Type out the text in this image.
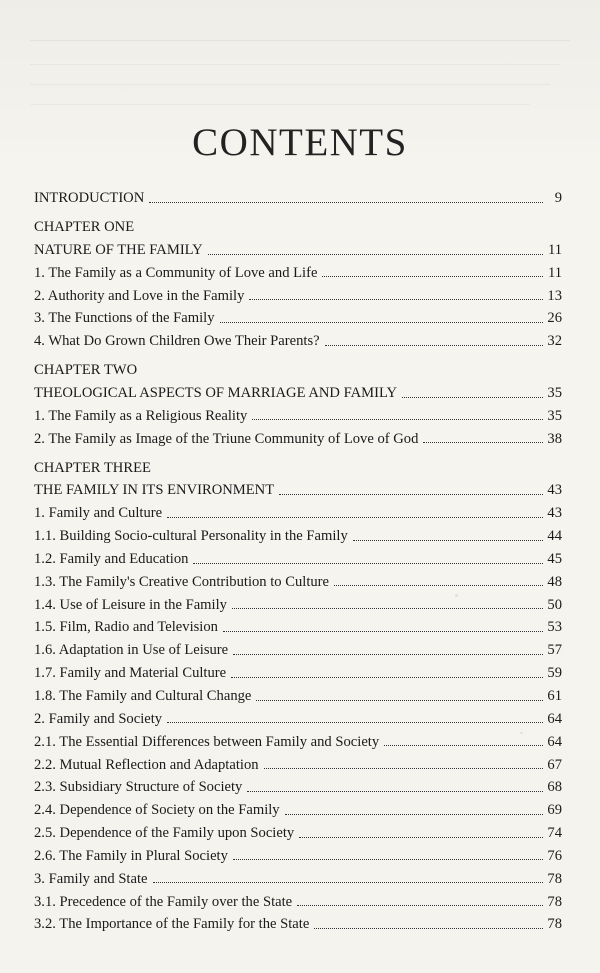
CONTENTS
INTRODUCTION	9
CHAPTER ONE
NATURE OF THE FAMILY	11
1. The Family as a Community of Love and Life	11
2. Authority and Love in the Family	13
3. The Functions of the Family	26
4. What Do Grown Children Owe Their Parents?	32
CHAPTER TWO
THEOLOGICAL ASPECTS OF MARRIAGE AND FAMILY	35
1. The Family as a Religious Reality	35
2. The Family as Image of the Triune Community of Love of God	38
CHAPTER THREE
THE FAMILY IN ITS ENVIRONMENT	43
1. Family and Culture	43
1.1. Building Socio-cultural Personality in the Family	44
1.2. Family and Education	45
1.3. The Family's Creative Contribution to Culture	48
1.4. Use of Leisure in the Family	50
1.5. Film, Radio and Television	53
1.6. Adaptation in Use of Leisure	57
1.7. Family and Material Culture	59
1.8. The Family and Cultural Change	61
2. Family and Society	64
2.1. The Essential Differences between Family and Society	64
2.2. Mutual Reflection and Adaptation	67
2.3. Subsidiary Structure of Society	68
2.4. Dependence of Society on the Family	69
2.5. Dependence of the Family upon Society	74
2.6. The Family in Plural Society	76
3. Family and State	78
3.1. Precedence of the Family over the State	78
3.2. The Importance of the Family for the State	78
